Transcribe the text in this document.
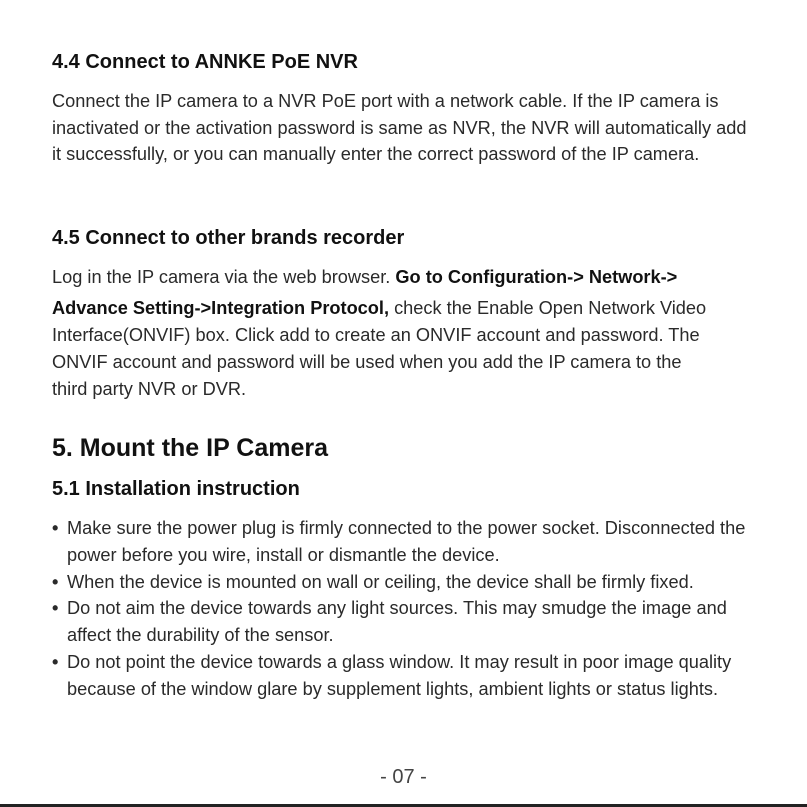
4.4 Connect to ANNKE PoE NVR
Connect the IP camera to a NVR PoE port with a network cable. If the IP camera is inactivated or the activation password is same as NVR, the NVR will automatically add it successfully, or you can manually enter the correct password of the IP camera.
4.5 Connect to other brands recorder
Log in the IP camera via the web browser. Go to Configuration-> Network->
Advance Setting->Integration Protocol, check the Enable Open Network Video
Interface(ONVIF) box. Click add to create an ONVIF account and password. The
ONVIF account and password will be used when you add the IP camera to the
third party NVR or DVR.
5. Mount the IP Camera
5.1 Installation instruction
• Make sure the power plug is firmly connected to the power socket. Disconnected the power before you wire, install or dismantle the device.
• When the device is mounted on wall or ceiling, the device shall be firmly fixed.
• Do not aim the device towards any light sources. This may smudge the image and affect the durability of the sensor.
• Do not point the device towards a glass window. It may result in poor image quality because of the window glare by supplement lights, ambient lights or status lights.
- 07 -
